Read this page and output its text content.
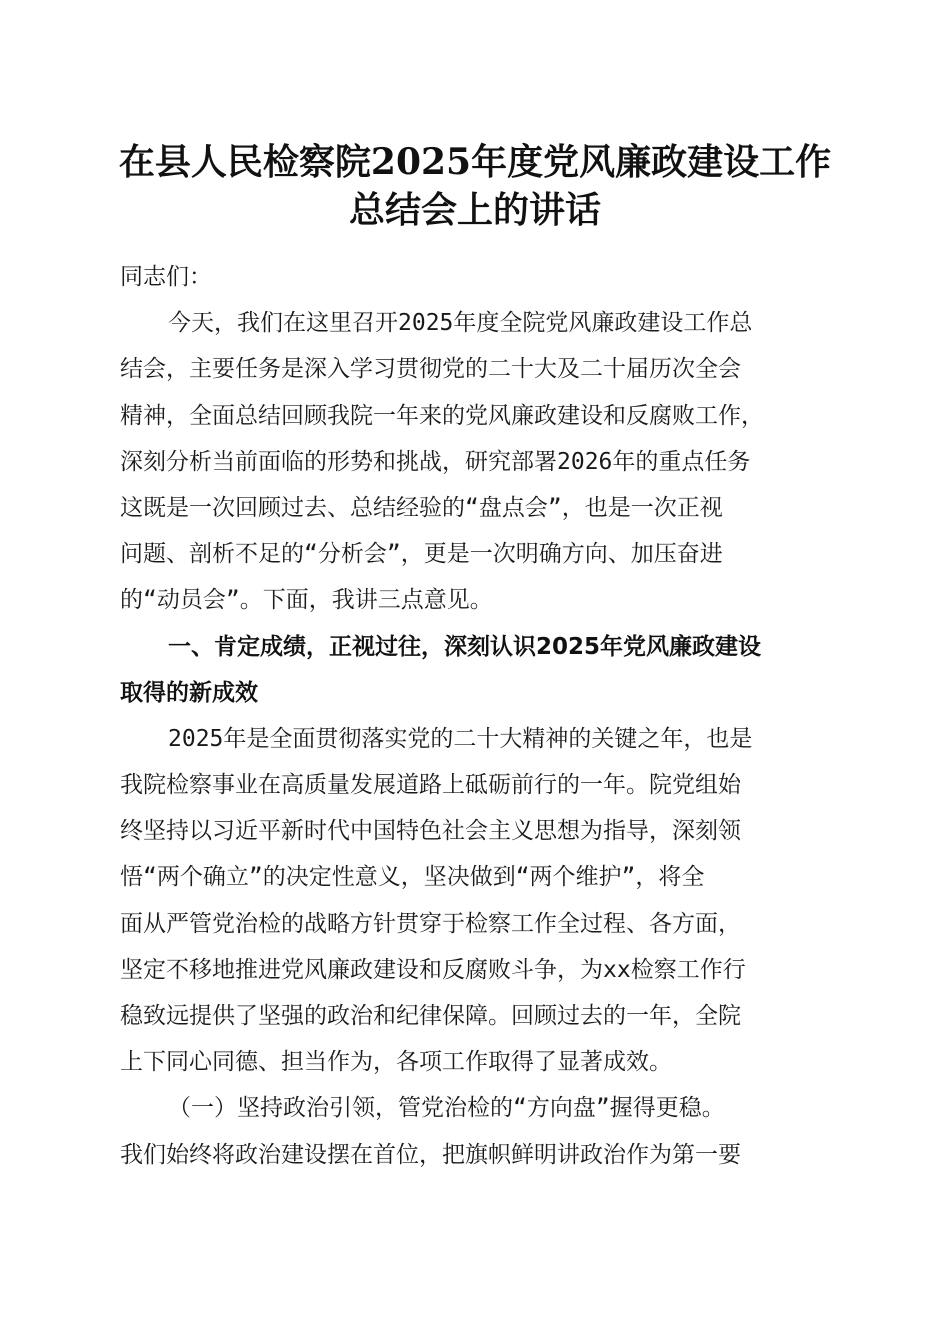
在县人民检察院2025年度党风廉政建设工作
总结会上的讲话
同志们：
今天，我们在这里召开2025年度全院党风廉政建设工作总
结会，主要任务是深入学习贯彻党的二十大及二十届历次全会
精神，全面总结回顾我院一年来的党风廉政建设和反腐败工作，
深刻分析当前面临的形势和挑战，研究部署2026年的重点任务
这既是一次回顾过去、总结经验的“盘点会”，也是一次正视
问题、剖析不足的“分析会”，更是一次明确方向、加压奋进
的“动员会”。下面，我讲三点意见。
一、肯定成绩，正视过往，深刻认识2025年党风廉政建设
取得的新成效
2025年是全面贯彻落实党的二十大精神的关键之年，也是
我院检察事业在高质量发展道路上砥砺前行的一年。院党组始
终坚持以习近平新时代中国特色社会主义思想为指导，深刻领
悟“两个确立”的决定性意义，坚决做到“两个维护”，将全
面从严管党治检的战略方针贯穿于检察工作全过程、各方面，
坚定不移地推进党风廉政建设和反腐败斗争，为xx检察工作行
稳致远提供了坚强的政治和纪律保障。回顾过去的一年，全院
上下同心同德、担当作为，各项工作取得了显著成效。
（一）坚持政治引领，管党治检的“方向盘”握得更稳。
我们始终将政治建设摆在首位，把旗帜鲜明讲政治作为第一要
